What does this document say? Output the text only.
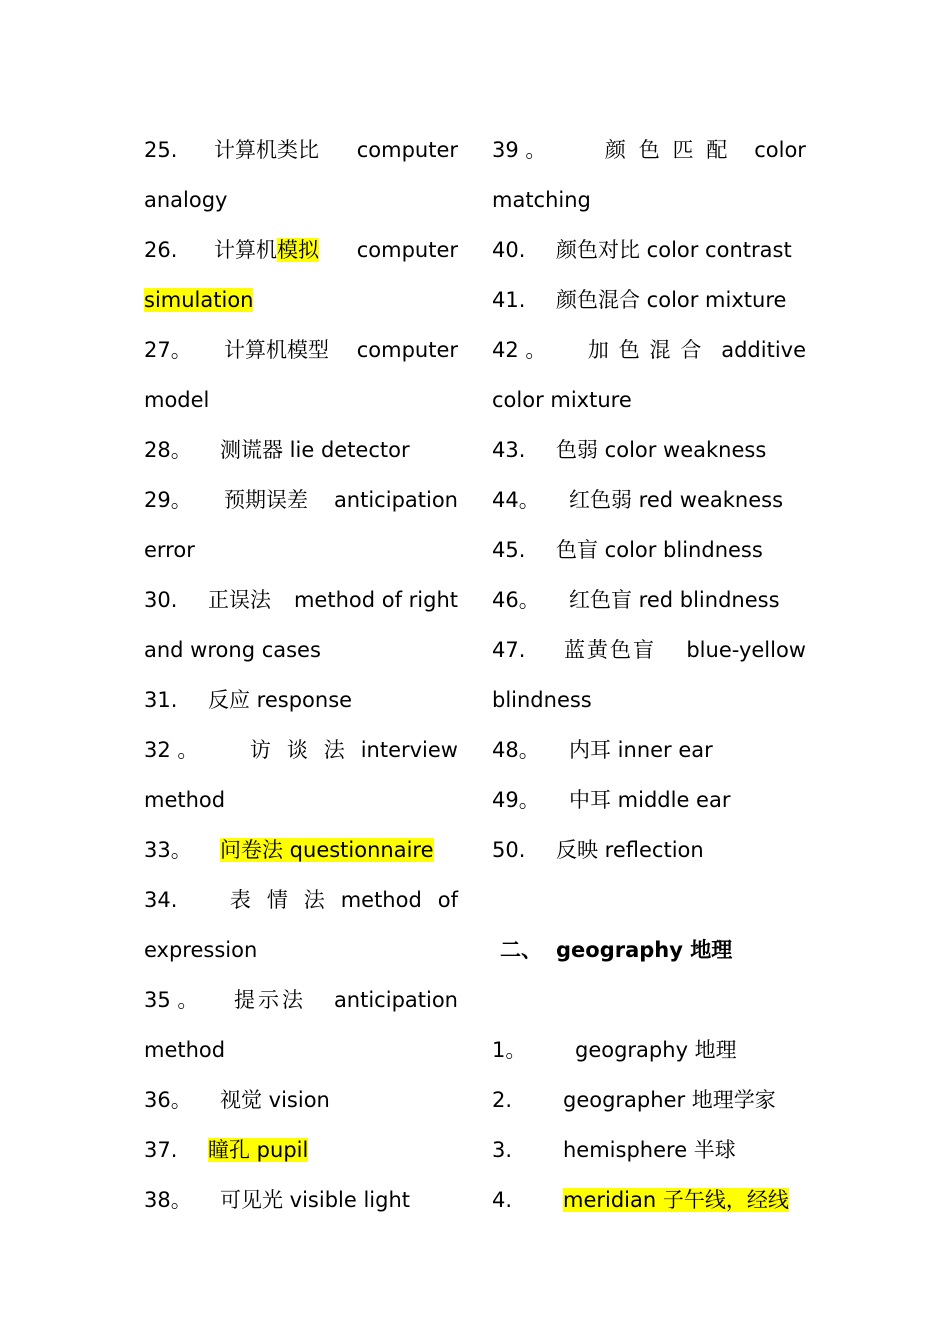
25. 计算机类比 computer
analogy
26. 计算机模拟 computer
simulation
27。 计算机模型 computer
model
28。 测谎器 lie detector
29。 预期误差 anticipation
error
30. 正误法 method of right
and wrong cases
31. 反应 response
32 。	访 谈 法 interview
method
33。 问卷法 questionnaire
34.	表 情 法 method of
expression
35 。 提示法 anticipation
method
36。 视觉 vision
37. 瞳孔 pupil
38。 可见光 visible light
39 。	颜 色 匹 配	color
matching
40. 颜色对比 color contrast
41. 颜色混合 color mixture
42 。	加 色 混 合 additive
color mixture
43. 色弱 color weakness
44。 红色弱 red weakness
45. 色盲 color blindness
46。 红色盲 red blindness
47. 蓝黄色盲 blue-yellow
blindness
48。 内耳 inner ear
49。 中耳 middle ear
50. 反映 reflection
二、 geography 地理
1。 geography 地理
2. geographer 地理学家
3. hemisphere 半球
4. meridian 子午线，经线
